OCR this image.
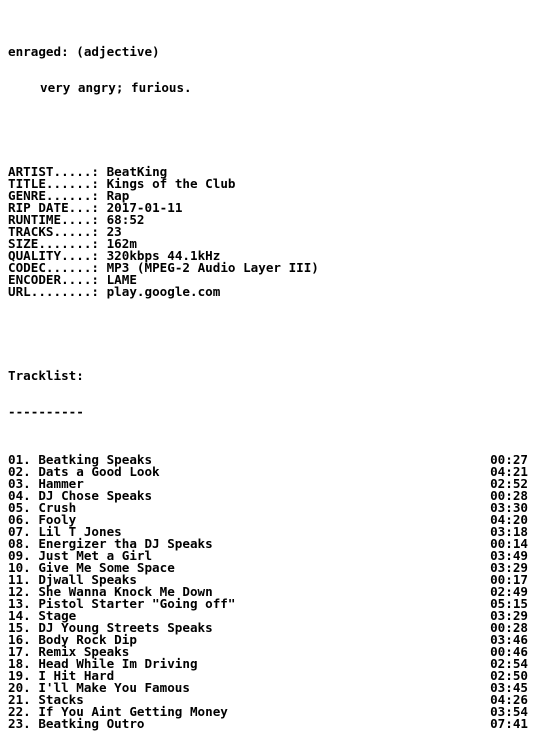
enraged: (adjective)

very angry; furious.

ARTIST.....: BeatKing
TITLE......: Kings of the Club
GENRE......: Rap
RIP DATE...: 2017-01-11
RUNTIME....: 68:52
TRACKS.....: 23
SIZE.......: 162m
QUALITY....: 320kbps 44.1kHz
CODEC......: MP3 (MPEG-2 Audio Layer III)
ENCODER....: LAME
URL........: play.google.com

Tracklist:

----------

01. Beatking Speaks	00:27
02. Dats a Good Look	04:21
03. Hammer	02:52
04. DJ Chose Speaks	00:28
05. Crush	03:30
06. Fooly	04:20
07. Lil T Jones	03:18
08. Energizer tha DJ Speaks	00:14
09. Just Met a Girl	03:49
10. Give Me Some Space	03:29
11. Djwall Speaks	00:17
12. She Wanna Knock Me Down	02:49
13. Pistol Starter "Going off"	05:15
14. Stage	03:29
15. DJ Young Streets Speaks	00:28
16. Body Rock Dip	03:46
17. Remix Speaks	00:46
18. Head While Im Driving	02:54
19. I Hit Hard	02:50
20. I'll Make You Famous	03:45
21. Stacks	04:26
22. If You Aint Getting Money	03:54
23. Beatking Outro	07:41
